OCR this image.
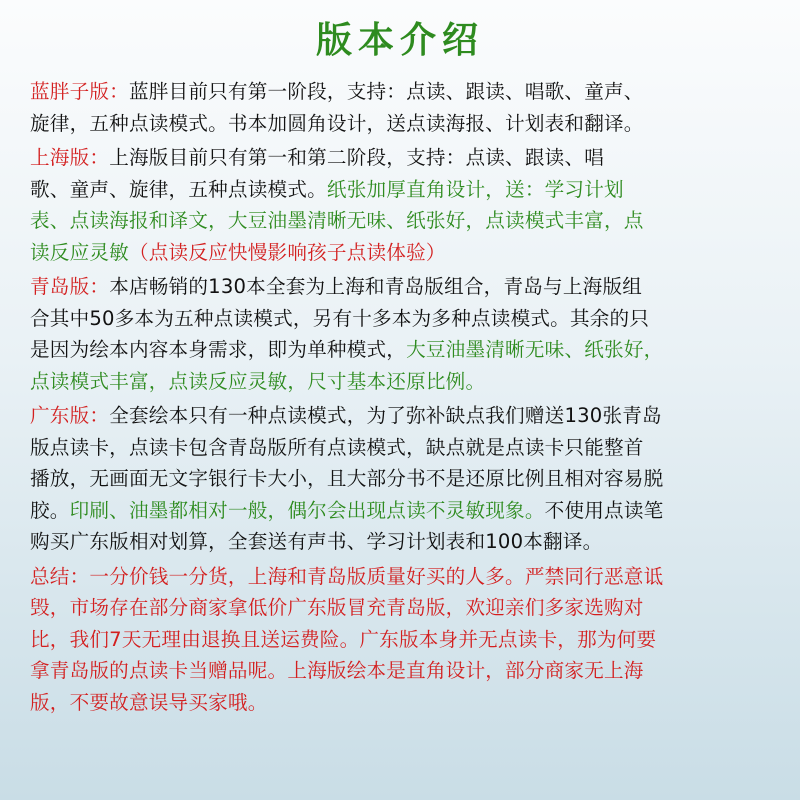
版本介绍
蓝胖子版：蓝胖目前只有第一阶段，支持：点读、跟读、唱歌、童声、
旋律，五种点读模式。书本加圆角设计，送点读海报、计划表和翻译。
上海版：上海版目前只有第一和第二阶段，支持：点读、跟读、唱
歌、童声、旋律，五种点读模式。纸张加厚直角设计，送：学习计划
表、点读海报和译文，大豆油墨清晰无味、纸张好，点读模式丰富，点
读反应灵敏（点读反应快慢影响孩子点读体验）
青岛版：本店畅销的130本全套为上海和青岛版组合，青岛与上海版组
合其中50多本为五种点读模式，另有十多本为多种点读模式。其余的只
是因为绘本内容本身需求，即为单种模式，大豆油墨清晰无味、纸张好，
点读模式丰富，点读反应灵敏，尺寸基本还原比例。
广东版：全套绘本只有一种点读模式，为了弥补缺点我们赠送130张青岛
版点读卡，点读卡包含青岛版所有点读模式，缺点就是点读卡只能整首
播放，无画面无文字银行卡大小，且大部分书不是还原比例且相对容易脱
胶。印刷、油墨都相对一般，偶尔会出现点读不灵敏现象。不使用点读笔
购买广东版相对划算，全套送有声书、学习计划表和100本翻译。
总结：一分价钱一分货，上海和青岛版质量好买的人多。严禁同行恶意诋
毁，市场存在部分商家拿低价广东版冒充青岛版，欢迎亲们多家选购对
比，我们7天无理由退换且送运费险。广东版本身并无点读卡，那为何要
拿青岛版的点读卡当赠品呢。上海版绘本是直角设计，部分商家无上海
版，不要故意误导买家哦。
